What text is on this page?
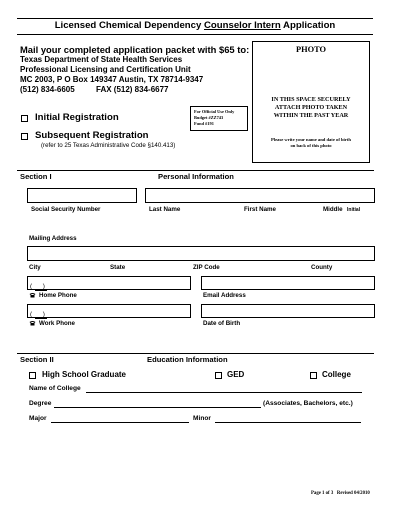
Licensed Chemical Dependency Counselor Intern Application
Mail your completed application packet with $65 to:
Texas Department of State Health Services
Professional Licensing and Certification Unit
MC 2003, P O Box 149347 Austin, TX 78714-9347
(512) 834-6605	FAX (512) 834-6677
For Official Use Only
Budget #ZZ743
Fund #191
Initial Registration
Subsequent Registration
(refer to 25 Texas Administrative Code §140.413)
PHOTO
IN THIS SPACE SECURELY
ATTACH PHOTO TAKEN
WITHIN THE PAST YEAR
Please write your name and date of birth
on back of this photo
Section I	Personal Information
Social Security Number	Last Name	First Name	Middle Initial
Mailing Address
City	State	ZIP Code	County
(      )
Home Phone	Email Address
(      )
Work Phone	Date of Birth
Section II	Education Information
High School Graduate	GED	College
Name of College
Degree	(Associates, Bachelors, etc.)
Major	Minor
Page 1 of 3 Revised 04/2010
